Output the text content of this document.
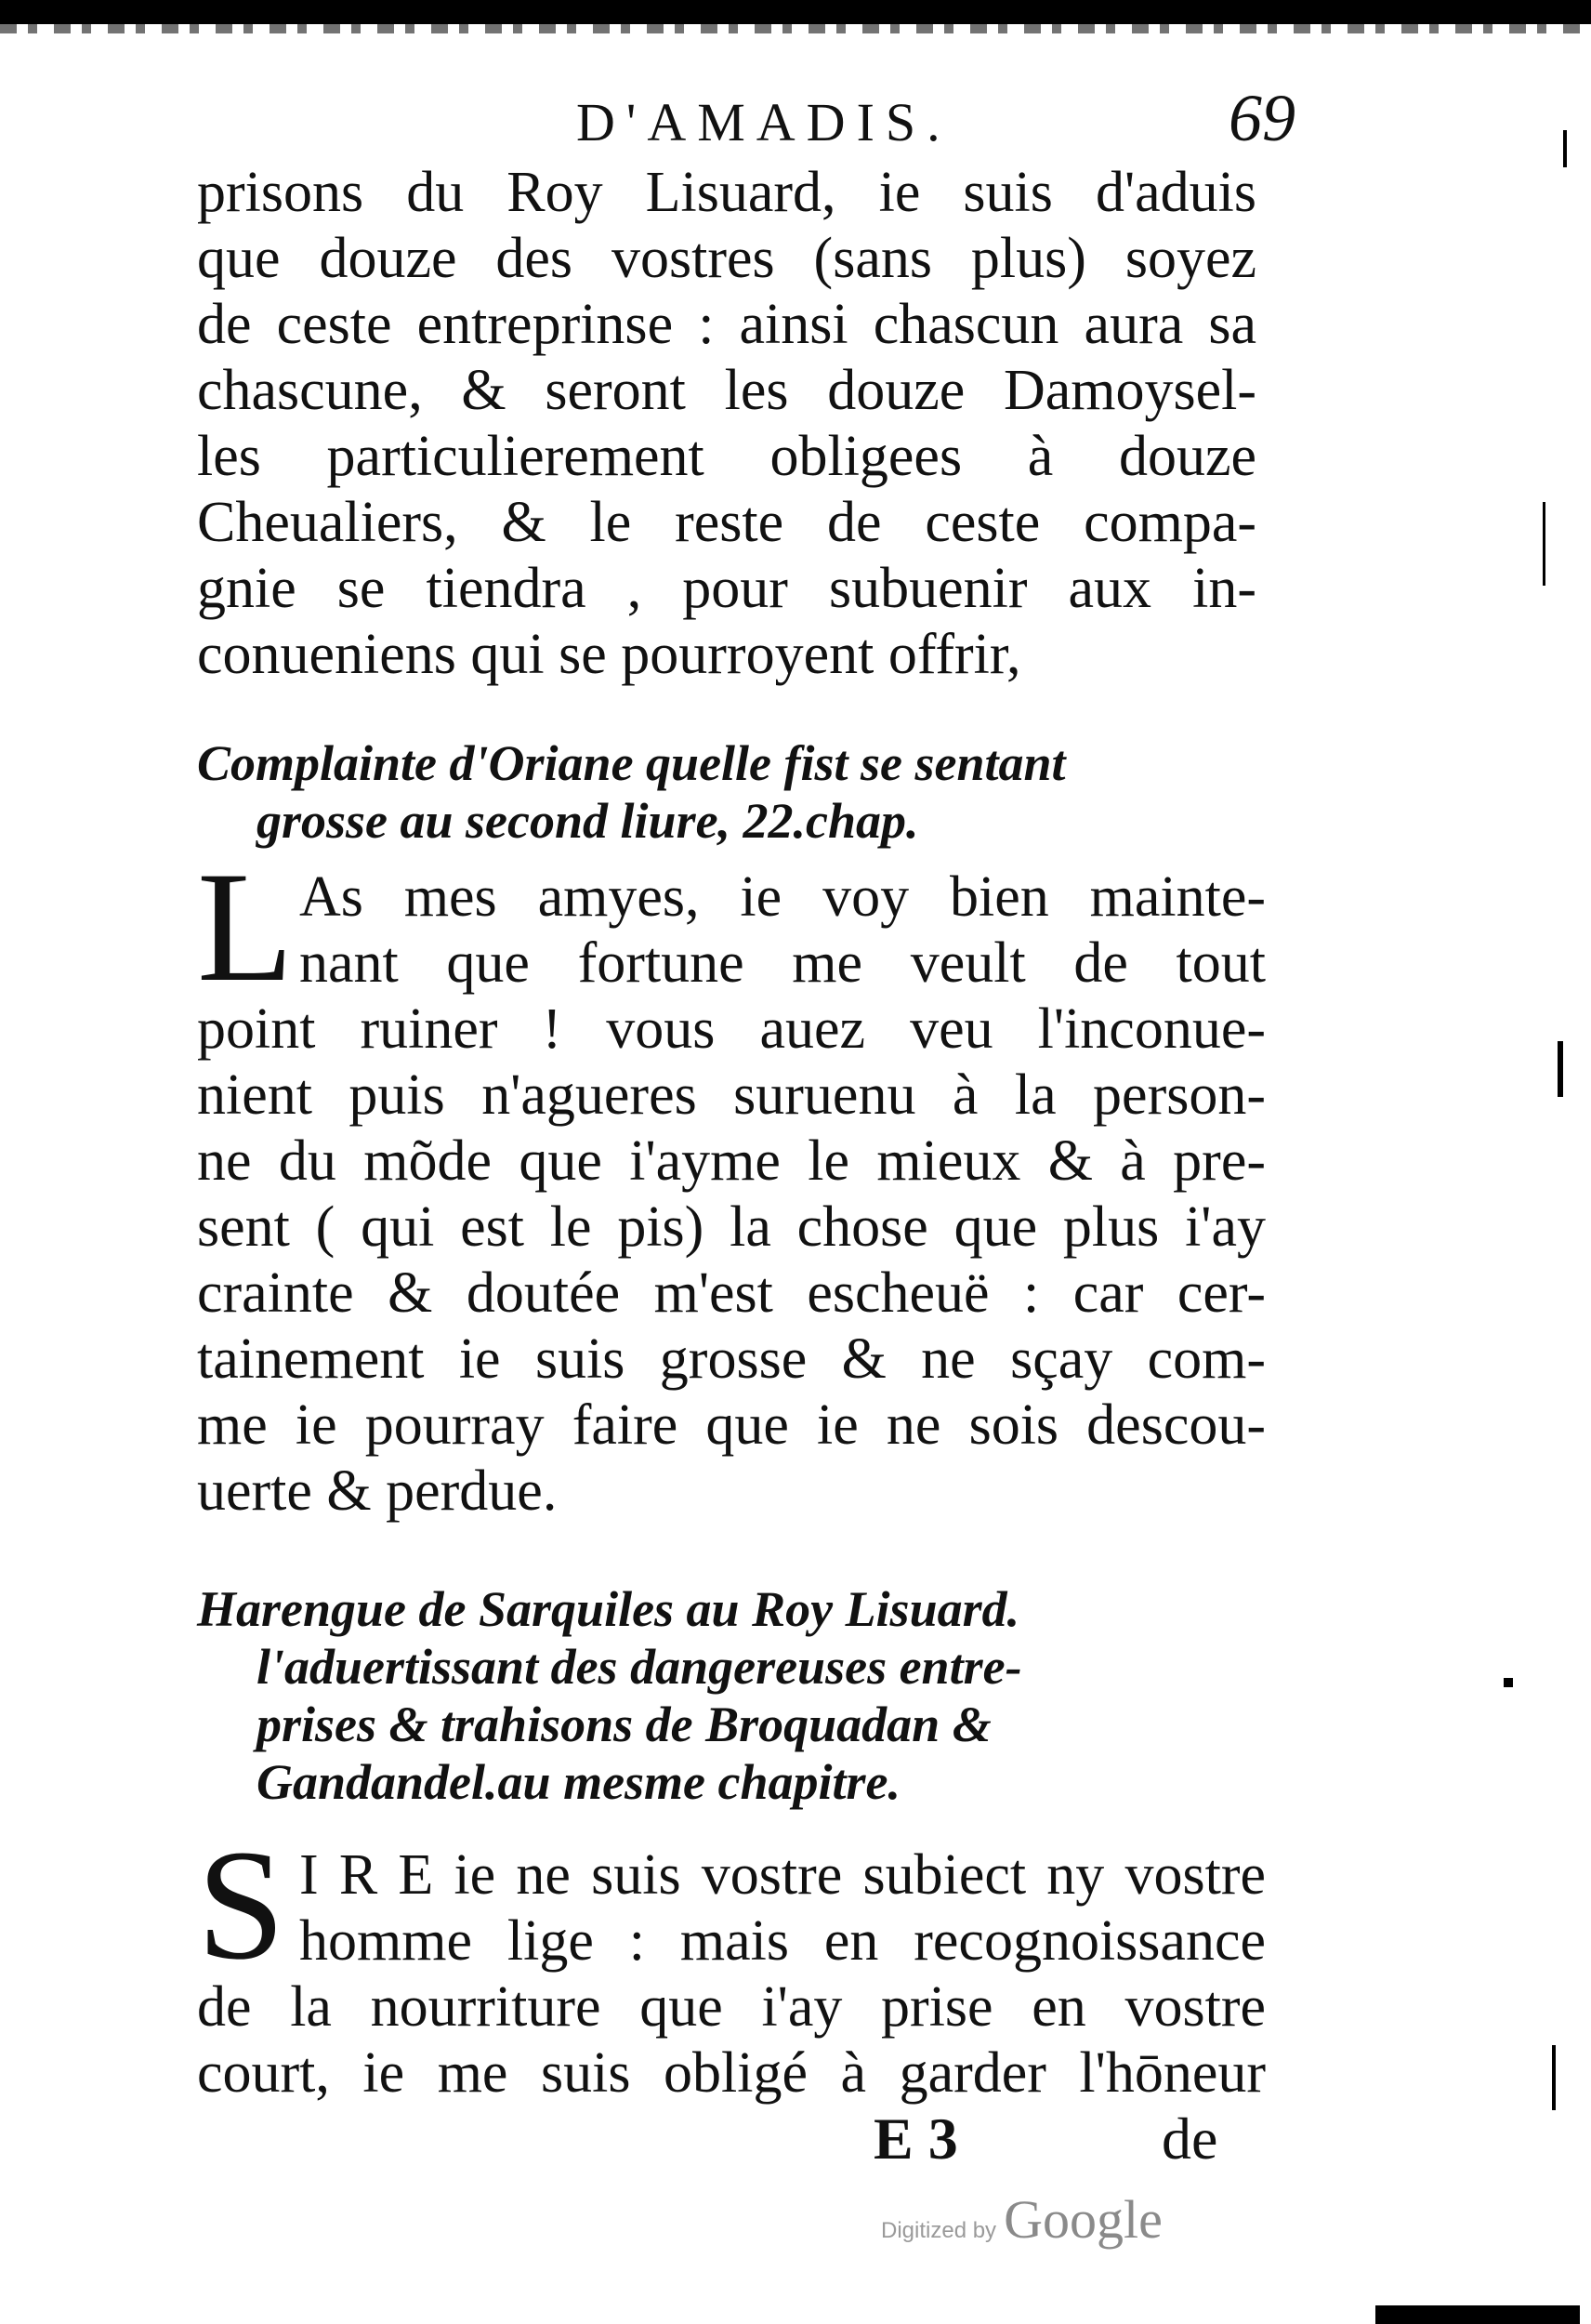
D'AMADIS.	69
prisons du Roy Lisuard, ie suis d'aduis
que douze des vostres (sans plus) soyez
de ceste entreprinse : ainsi chascun aura sa
chascune, & seront les douze Damoysel-
les particulierement obligees à douze
Cheualiers, & le reste de ceste compa-
gnie se tiendra , pour subuenir aux in-
conueniens qui se pourroyent offrir,
Complainte d'Oriane quelle fist se sentant
grosse au second liure, 22.chap.
L As mes amyes, ie voy bien mainte-
nant que fortune me veult de tout
point ruiner ! vous auez veu l'inconue-
nient puis n'agueres suruenu à la person-
ne du mõde que i'ayme le mieux & à pre-
sent ( qui est le pis) la chose que plus i'ay
crainte & doutée m'est escheuë : car cer-
tainement ie suis grosse & ne sçay com-
me ie pourray faire que ie ne sois descou-
uerte & perdue.
Harengue de Sarquiles au Roy Lisuard.
l'aduertissant des dangereuses entre-
prises & trahisons de Broquadan &
Gandandel.au mesme chapitre.
S I R E ie ne suis vostre subiect ny vostre
homme lige : mais en recognoissance
de la nourriture que i'ay prise en vostre
court, ie me suis obligé à garder l'hōneur
E 3	de
Digitized by Google
